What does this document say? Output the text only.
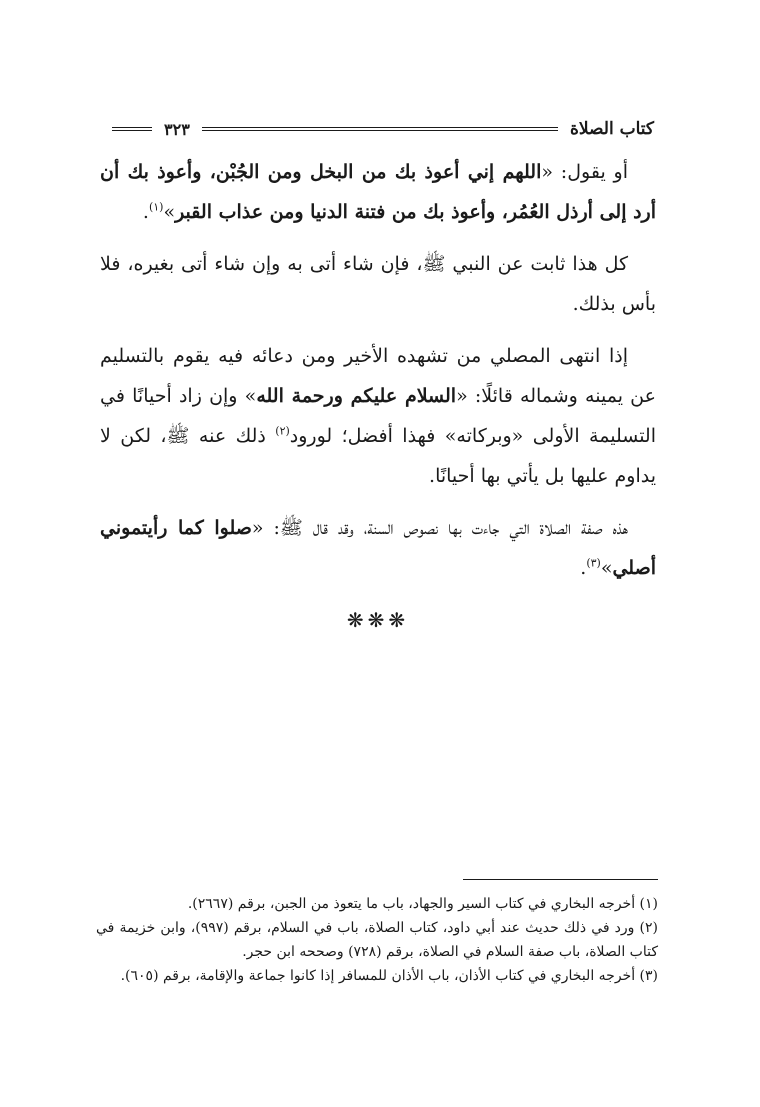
كتاب الصلاة
٣٢٣

أو يقول: «اللهم إني أعوذ بك من البخل ومن الجُبْن، وأعوذ بك أن أرد إلى أرذل العُمُر، وأعوذ بك من فتنة الدنيا ومن عذاب القبر»$^{(١)}$.

كل هذا ثابت عن النبي ﷺ، فإن شاء أتى به وإن شاء أتى بغيره، فلا بأس بذلك.

إذا انتهى المصلي من تشهده الأخير ومن دعائه فيه يقوم بالتسليم عن يمينه وشماله قائلًا: «السلام عليكم ورحمة الله» وإن زاد أحيانًا في التسليمة الأولى «وبركاته» فهذا أفضل؛ لورود$^{(٢)}$ ذلك عنه ﷺ، لكن لا يداوم عليها بل يأتي بها أحيانًا.

هذه صفة الصلاة التي جاءت بها نصوص السنة، وقد قال ﷺ: «صلوا كما رأيتموني أصلي»$^{(٣)}$.

❋❋❋

(١) أخرجه البخاري في كتاب السير والجهاد، باب ما يتعوذ من الجبن، برقم (٢٦٦٧).

(٢) ورد في ذلك حديث عند أبي داود، كتاب الصلاة، باب في السلام، برقم (٩٩٧)، وابن خزيمة في كتاب الصلاة، باب صفة السلام في الصلاة، برقم (٧٢٨) وصححه ابن حجر.

(٣) أخرجه البخاري في كتاب الأذان، باب الأذان للمسافر إذا كانوا جماعة والإقامة، برقم (٦٠٥).
